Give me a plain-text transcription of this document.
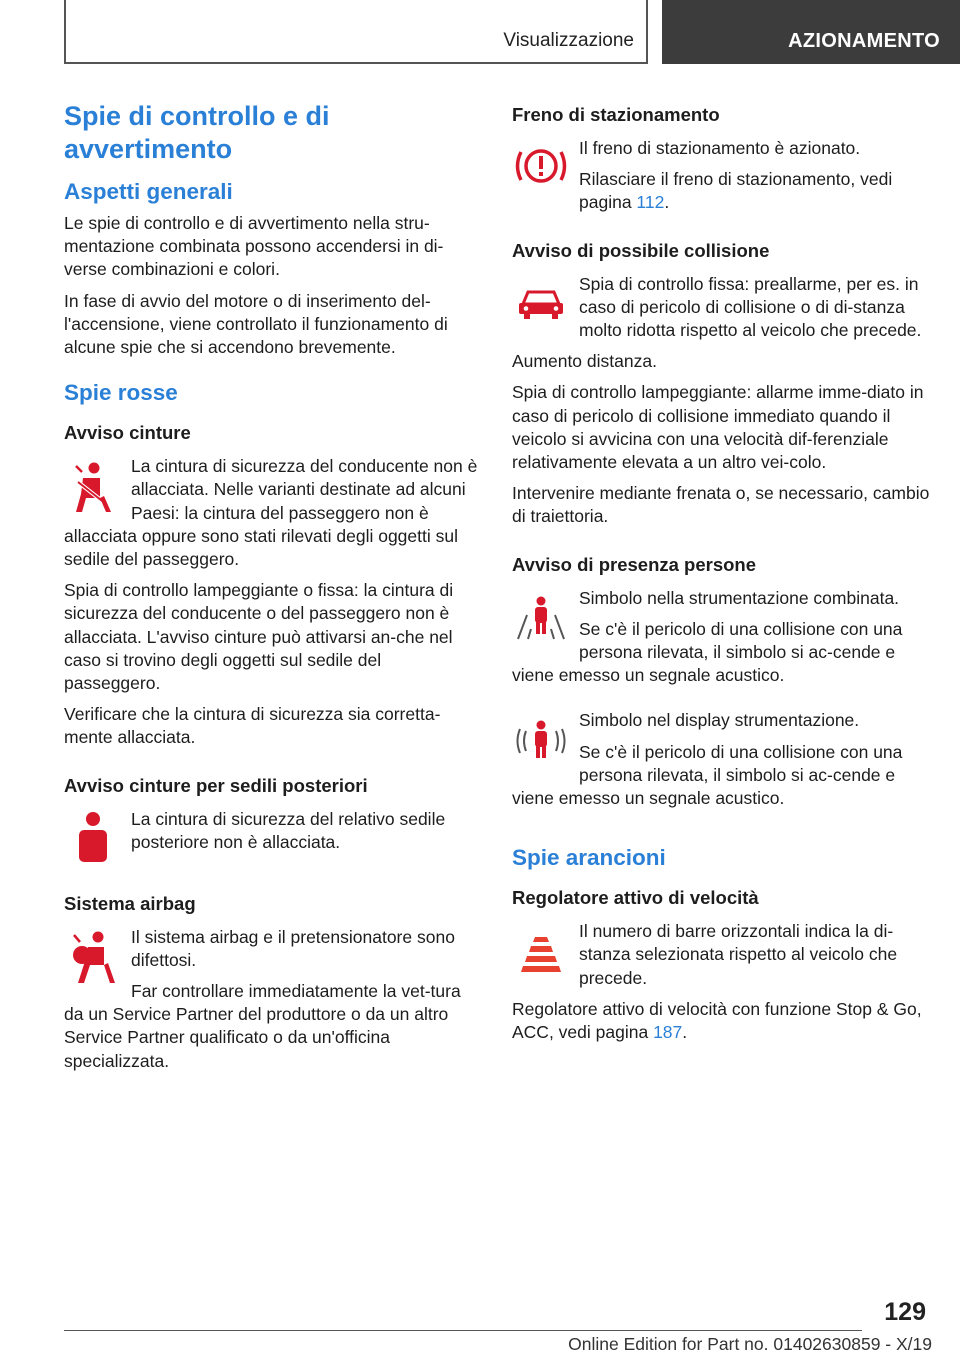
Visualizzazione	AZIONAMENTO
Spie di controllo e di avvertimento
Aspetti generali

Le spie di controllo e di avvertimento nella stru-mentazione combinata possono accendersi in di-verse combinazioni e colori.

In fase di avvio del motore o di inserimento del-l'accensione, viene controllato il funzionamento di alcune spie che si accendono brevemente.

Spie rosse
Avviso cinture

La cintura di sicurezza del conducente non è allacciata. Nelle varianti destinate ad alcuni Paesi: la cintura del passeggero non è allacciata oppure sono stati rilevati degli oggetti sul sedile del passeggero.

Spia di controllo lampeggiante o fissa: la cintura di sicurezza del conducente o del passeggero non è allacciata. L'avviso cinture può attivarsi an-che nel caso si trovino degli oggetti sul sedile del passeggero.

Verificare che la cintura di sicurezza sia corretta-mente allacciata.

Avviso cinture per sedili posteriori

La cintura di sicurezza del relativo sedile posteriore non è allacciata.

Sistema airbag

Il sistema airbag e il pretensionatore sono difettosi.

Far controllare immediatamente la vet-tura da un Service Partner del produttore o da un altro Service Partner qualificato o da un'officina specializzata.

Freno di stazionamento

Il freno di stazionamento è azionato.

Rilasciare il freno di stazionamento, vedi pagina 112.

Avviso di possibile collisione

Spia di controllo fissa: preallarme, per es. in caso di pericolo di collisione o di di-stanza molto ridotta rispetto al veicolo che precede.

Aumento distanza.

Spia di controllo lampeggiante: allarme imme-diato in caso di pericolo di collisione immediato quando il veicolo si avvicina con una velocità dif-ferenziale relativamente elevata a un altro vei-colo.

Intervenire mediante frenata o, se necessario, cambio di traiettoria.

Avviso di presenza persone

Simbolo nella strumentazione combinata.

Se c'è il pericolo di una collisione con una persona rilevata, il simbolo si ac-cende e viene emesso un segnale acustico.

Simbolo nel display strumentazione.

Se c'è il pericolo di una collisione con una persona rilevata, il simbolo si ac-cende e viene emesso un segnale acustico.

Spie arancioni
Regolatore attivo di velocità

Il numero di barre orizzontali indica la di-stanza selezionata rispetto al veicolo che precede.

Regolatore attivo di velocità con funzione Stop & Go, ACC, vedi pagina 187.

129
Online Edition for Part no. 01402630859 - X/19
